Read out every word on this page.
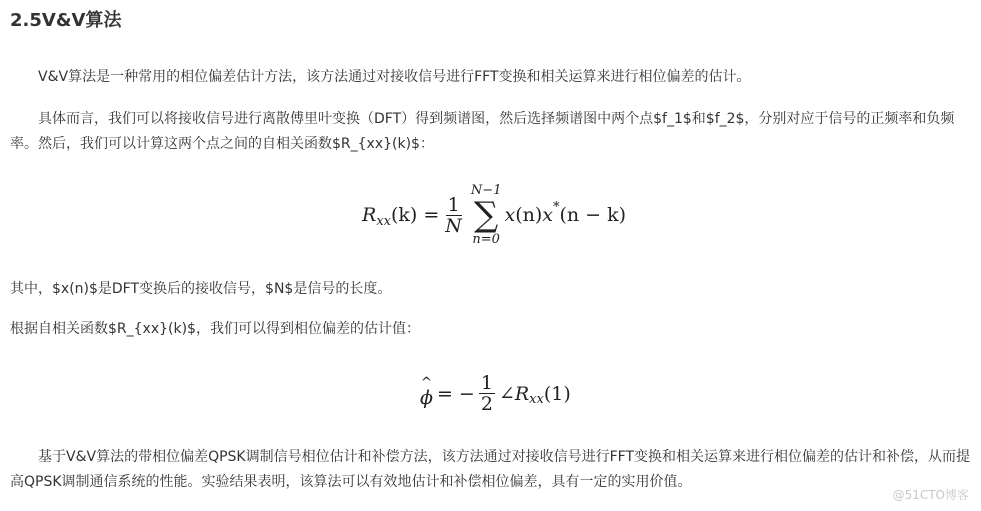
2.5V&V算法
V&V算法是一种常用的相位偏差估计方法，该方法通过对接收信号进行FFT变换和相关运算来进行相位偏差的估计。
具体而言，我们可以将接收信号进行离散傅里叶变换（DFT）得到频谱图，然后选择频谱图中两个点$f_1$和$f_2$，分别对应于信号的正频率和负频率。然后，我们可以计算这两个点之间的自相关函数$R_{xx}(k)$：
R xx $(k) = \frac{1}{N}$
N−1
∑
n=0
x (n) x * (n − k)
其中，$x(n)$是DFT变换后的接收信号，$N$是信号的长度。
根据自相关函数$R_{xx}(k)$，我们可以得到相位偏差的估计值：
^
ϕ = − $\frac{1}{2}$ ∠ R xx (1)
基于V&V算法的带相位偏差QPSK调制信号相位估计和补偿方法，该方法通过对接收信号进行FFT变换和相关运算来进行相位偏差的估计和补偿，从而提高QPSK调制通信系统的性能。实验结果表明，该算法可以有效地估计和补偿相位偏差，具有一定的实用价值。
@51CTO博客
